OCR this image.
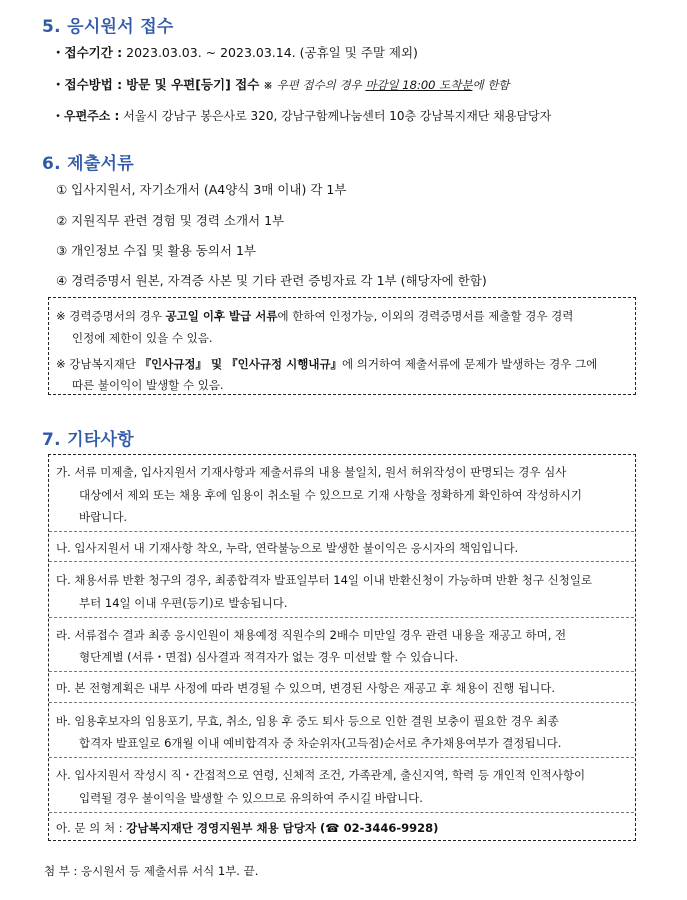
5. 응시원서 접수
・접수기간 : 2023.03.03. ~ 2023.03.14. (공휴일 및 주말 제외)
・접수방법 : 방문 및 우편[등기] 접수 ※ 우편 접수의 경우 마감일 18:00 도착분에 한함
・우편주소 : 서울시 강남구 봉은사로 320, 강남구함께나눔센터 10층 강남복지재단 채용담당자
6. 제출서류
① 입사지원서, 자기소개서 (A4양식 3매 이내) 각 1부
② 지원직무 관련 경험 및 경력 소개서 1부
③ 개인정보 수집 및 활용 동의서 1부
④ 경력증명서 원본, 자격증 사본 및 기타 관련 증빙자료 각 1부 (해당자에 한함)
※ 경력증명서의 경우 공고일 이후 발급 서류에 한하여 인정가능, 이외의 경력증명서를 제출할 경우 경력
인정에 제한이 있을 수 있음.
※ 강남복지재단 『인사규정』 및 『인사규정 시행내규』에 의거하여 제출서류에 문제가 발생하는 경우 그에
따른 불이익이 발생할 수 있음.
7. 기타사항
가. 서류 미제출, 입사지원서 기재사항과 제출서류의 내용 불일치, 원서 허위작성이 판명되는 경우 심사
대상에서 제외 또는 채용 후에 임용이 취소될 수 있으므로 기재 사항을 정확하게 확인하여 작성하시기
바랍니다.
나. 입사지원서 내 기재사항 착오, 누락, 연락불능으로 발생한 불이익은 응시자의 책임입니다.
다. 채용서류 반환 청구의 경우, 최종합격자 발표일부터 14일 이내 반환신청이 가능하며 반환 청구 신청일로
부터 14일 이내 우편(등기)로 발송됩니다.
라. 서류접수 결과 최종 응시인원이 채용예정 직원수의 2배수 미만일 경우 관련 내용을 재공고 하며, 전
형단계별 (서류・면접) 심사결과 적격자가 없는 경우 미선발 할 수 있습니다.
마. 본 전형계획은 내부 사정에 따라 변경될 수 있으며, 변경된 사항은 재공고 후 채용이 진행 됩니다.
바. 임용후보자의 임용포기, 무효, 취소, 임용 후 중도 퇴사 등으로 인한 결원 보충이 필요한 경우 최종
합격자 발표일로 6개월 이내 예비합격자 중 차순위자(고득점)순서로 추가채용여부가 결정됩니다.
사. 입사지원서 작성시 직・간접적으로 연령, 신체적 조건, 가족관계, 출신지역, 학력 등 개인적 인적사항이
입력될 경우 불이익을 발생할 수 있으므로 유의하여 주시길 바랍니다.
아. 문 의 처 : 강남복지재단 경영지원부 채용 담당자 (☎ 02-3446-9928)
첨 부 : 응시원서 등 제출서류 서식 1부. 끝.
